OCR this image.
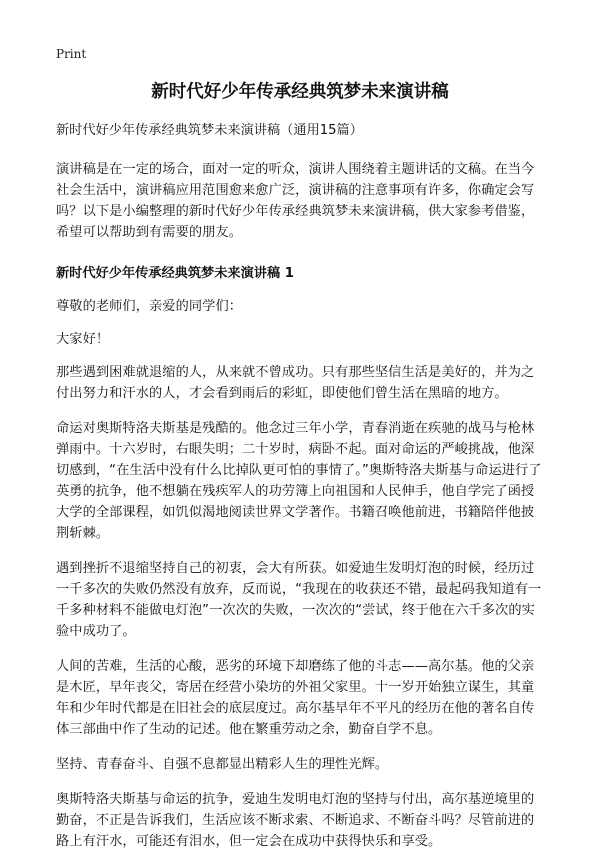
Print
新时代好少年传承经典筑梦未来演讲稿

新时代好少年传承经典筑梦未来演讲稿（通用15篇）

演讲稿是在一定的场合，面对一定的听众，演讲人围绕着主题讲话的文稿。在当今社会生活中，演讲稿应用范围愈来愈广泛，演讲稿的注意事项有许多，你确定会写吗？以下是小编整理的新时代好少年传承经典筑梦未来演讲稿，供大家参考借鉴，希望可以帮助到有需要的朋友。

新时代好少年传承经典筑梦未来演讲稿 1

尊敬的老师们，亲爱的同学们：

大家好！

那些遇到困难就退缩的人，从来就不曾成功。只有那些坚信生活是美好的，并为之付出努力和汗水的人，才会看到雨后的彩虹，即使他们曾生活在黑暗的地方。

命运对奥斯特洛夫斯基是残酷的。他念过三年小学，青春消逝在疾驰的战马与枪林弹雨中。十六岁时，右眼失明；二十岁时，病卧不起。面对命运的严峻挑战，他深切感到，“在生活中没有什么比掉队更可怕的事情了。”奥斯特洛夫斯基与命运进行了英勇的抗争，他不想躺在残疾军人的功劳簿上向祖国和人民伸手，他自学完了函授大学的全部课程，如饥似渴地阅读世界文学著作。书籍召唤他前进，书籍陪伴他披荆斩棘。

遇到挫折不退缩坚持自己的初衷，会大有所获。如爱迪生发明灯泡的时候，经历过一千多次的失败仍然没有放弃，反而说，“我现在的收获还不错，最起码我知道有一千多种材料不能做电灯泡”一次次的失败，一次次的“尝试，终于他在六千多次的实验中成功了。

人间的苦难，生活的心酸，恶劣的环境下却磨练了他的斗志——高尔基。他的父亲是木匠，早年丧父，寄居在经营小染坊的外祖父家里。十一岁开始独立谋生，其童年和少年时代都是在旧社会的底层度过。高尔基早年不平凡的经历在他的著名自传体三部曲中作了生动的记述。他在繁重劳动之余，勤奋自学不息。

坚持、青春奋斗、自强不息都显出精彩人生的理性光辉。

奥斯特洛夫斯基与命运的抗争，爱迪生发明电灯泡的坚持与付出，高尔基逆境里的勤奋，不正是告诉我们，生活应该不断求索、不断追求、不断奋斗吗？尽管前进的路上有汗水，可能还有泪水，但一定会在成功中获得快乐和享受。
